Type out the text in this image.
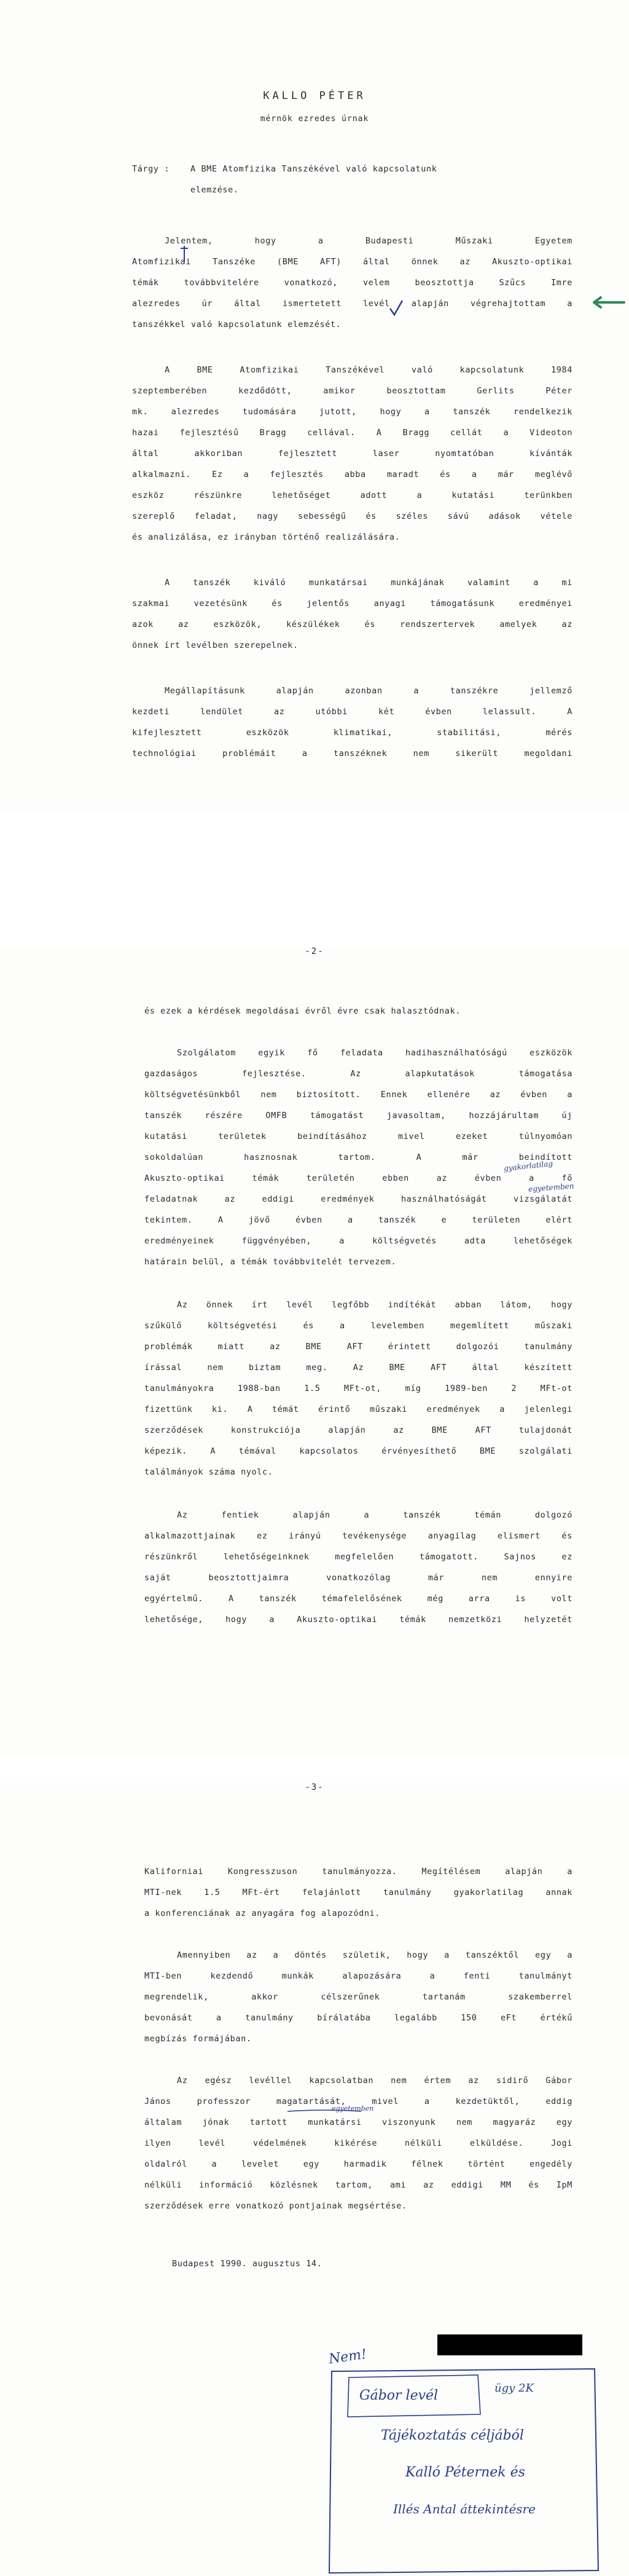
KALLO PÉTER
mérnök ezredes úrnak
Tárgy :	A BME Atomfizika Tanszékével való kapcsolatunk
elemzése.
Jelentem, hogy a Budapesti Műszaki Egyetem
Atomfizikai Tanszéke (BME AFT) által önnek az Akuszto-optikai
témák továbbvitelére vonatkozó, velem beosztottja Szűcs Imre
alezredes úr által ismertetett levél alapján végrehajtottam a
tanszékkel való kapcsolatunk elemzését.
A BME Atomfizikai Tanszékével való kapcsolatunk 1984
szeptemberében kezdődött, amikor beosztottam Gerlits Péter
mk. alezredes tudomására jutott, hogy a tanszék rendelkezik
hazai fejlesztésű Bragg cellával. A Bragg cellát a Videoton
által akkoriban fejlesztett laser nyomtatóban kívánták
alkalmazni. Ez a fejlesztés abba maradt és a már meglévő
eszköz részünkre lehetőséget adott a kutatási terünkben
szereplő feladat, nagy sebességű és széles sávú adások vétele
és analizálása, ez irányban történő realizálására.
A tanszék kiváló munkatársai munkájának valamint a mi
szakmai vezetésünk és jelentős anyagi támogatásunk eredményei
azok az eszközök, készülékek és rendszertervek amelyek az
önnek írt levélben szerepelnek.
Megállapításunk alapján azonban a tanszékre jellemző
kezdeti lendület az utóbbi két évben lelassult. A
kifejlesztett eszközök klimatikai, stabilitási, mérés
technológiai problémáit a tanszéknek nem sikerült megoldani
-2-
és ezek a kérdések megoldásai évről évre csak halasztódnak.
Szolgálatom egyik fő feladata hadihasználhatóságú eszközök
gazdaságos fejlesztése. Az alapkutatások támogatása
költségvetésünkből nem biztosított. Ennek ellenére az évben a
tanszék részére OMFB támogatást javasoltam, hozzájárultam új
kutatási területek beindításához mivel ezeket túlnyomóan
sokoldalúan hasznosnak tartom. A már beindított
Akuszto-optikai témák területén ebben az évben a fő
feladatnak az eddigi eredmények használhatóságát vizsgálatát
tekintem. A jövő évben a tanszék e területen elért
eredményeinek függvényében, a költségvetés adta lehetőségek
határain belül, a témák továbbvitelét tervezem.
Az önnek írt levél legfőbb indítékát abban látom, hogy
szűkülő költségvetési és a levelemben megemlített műszaki
problémák miatt az BME AFT érintett dolgozói tanulmány
írással nem biztam meg. Az BME AFT által készített
tanulmányokra 1988-ban 1.5 MFt-ot, míg 1989-ben 2 MFt-ot
fizettünk ki. A témát érintő műszaki eredmények a jelenlegi
szerződések konstrukciója alapján az BME AFT tulajdonát
képezik. A témával kapcsolatos érvényesíthető BME szolgálati
találmányok száma nyolc.
Az fentiek alapján a tanszék témán dolgozó
alkalmazottjainak ez irányú tevékenysége anyagilag elismert és
részünkről lehetőségeinknek megfelelően támogatott. Sajnos ez
saját beosztottjaimra vonatkozólag már nem ennyire
egyértelmű. A tanszék témafelelősének még arra is volt
lehetősége, hogy a Akuszto-optikai témák nemzetközi helyzetét
gyakorlatilag
egyetemben
-3-
Kaliforniai Kongresszuson tanulmányozza. Megítélésem alapján a
MTI-nek 1.5 MFt-ért felajánlott tanulmány gyakorlatilag annak
a konferenciának az anyagára fog alapozódni.
Amennyiben az a döntés születik, hogy a tanszéktől egy a
MTI-ben kezdendő munkák alapozására a fenti tanulmányt
megrendelik, akkor célszerűnek tartanám szakemberrel
bevonását a tanulmány bírálatába legalább 150 eFt értékű
megbízás formájában.
Az egész levéllel kapcsolatban nem értem az sidirő Gábor
János professzor magatartását, mivel a kezdetüktől, eddig
általam jónak tartott munkatársi viszonyunk nem magyaráz egy
ilyen levél védelmének kikérése nélküli elküldése. Jogi
oldalról a levelet egy harmadik félnek történt engedély
nélküli információ közlésnek tartom, ami az eddigi MM és IpM
szerződések erre vonatkozó pontjainak megsértése.
Budapest 1990. augusztus 14.
egyetemben
Nem!
Gábor levél	ügy 2K
Tájékoztatás céljából
Kalló Péternek és
Illés Antal áttekintésre
